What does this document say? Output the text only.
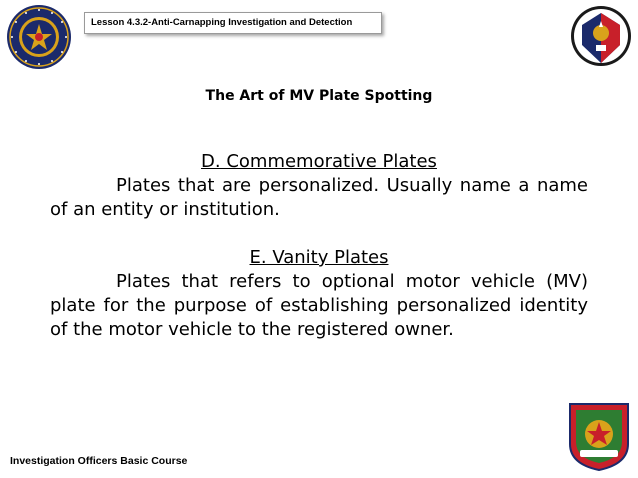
Lesson 4.3.2-Anti-Carnapping Investigation and Detection
The Art of MV Plate Spotting

D. Commemorative Plates

Plates that are personalized. Usually name a name of an entity or institution.

E. Vanity Plates

Plates that refers to optional motor vehicle (MV) plate for the purpose of establishing personalized identity of the motor vehicle to the registered owner.

Investigation Officers Basic Course
